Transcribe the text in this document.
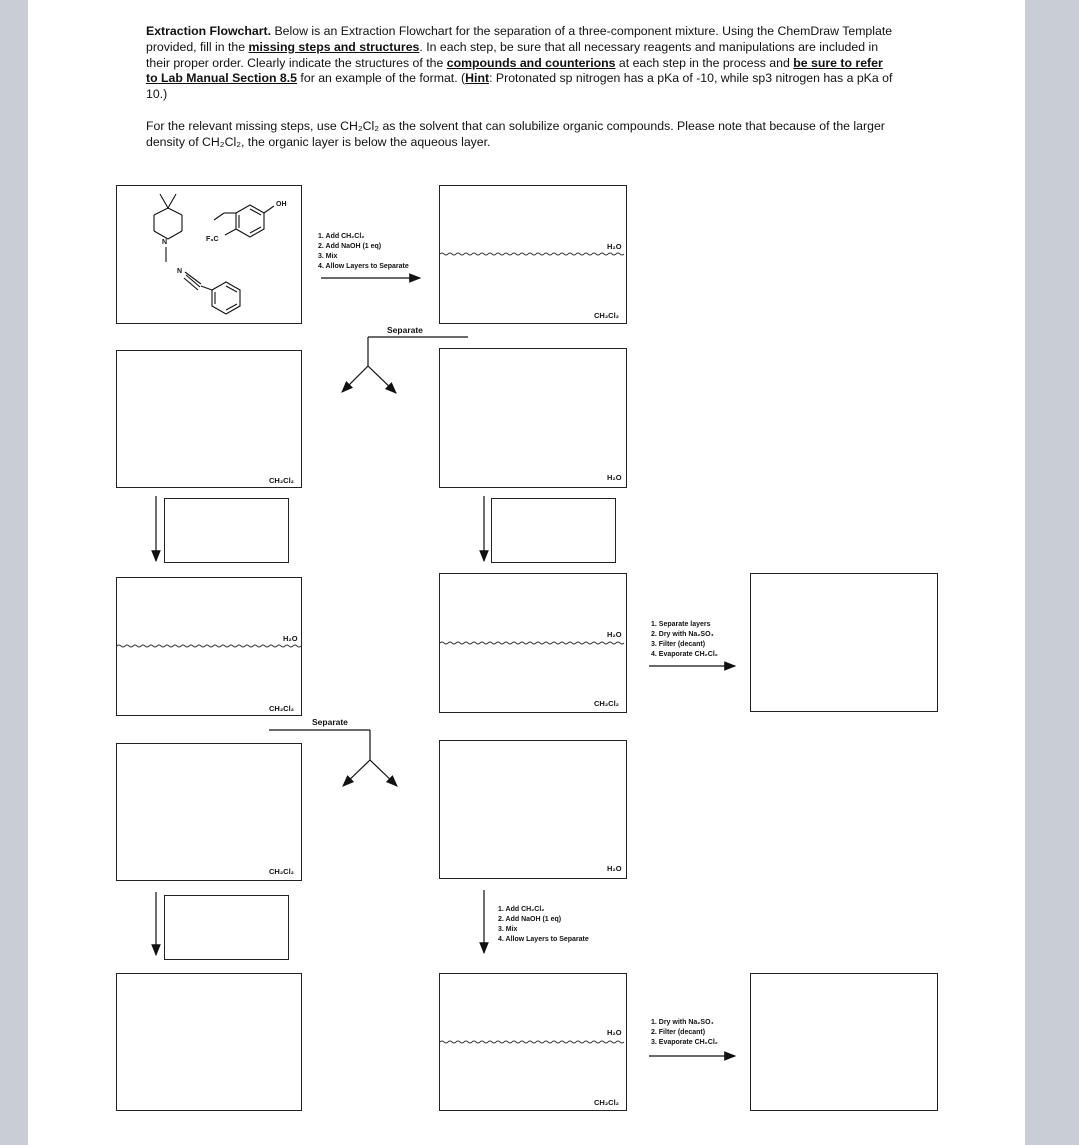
Extraction Flowchart. Below is an Extraction Flowchart for the separation of a three-component mixture. Using the ChemDraw Template provided, fill in the missing steps and structures. In each step, be sure that all necessary reagents and manipulations are included in their proper order. Clearly indicate the structures of the compounds and counterions at each step in the process and be sure to refer to Lab Manual Section 8.5 for an example of the format. (Hint: Protonated sp nitrogen has a pKa of -10, while sp3 nitrogen has a pKa of 10.)
For the relevant missing steps, use CH₂Cl₂ as the solvent that can solubilize organic compounds. Please note that because of the larger density of CH₂Cl₂, the organic layer is below the aqueous layer.
OH
F₃C
N
N
1. Add CH₂Cl₂
2. Add NaOH (1 eq)
3. Mix
4. Allow Layers to Separate
H₂O
CH₂Cl₂
Separate
CH₂Cl₂	H₂O
H₂O
CH₂Cl₂
H₂O
CH₂Cl₂
1. Separate layers
2. Dry with Na₂SO₄
3. Filter (decant)
4. Evaporate CH₂Cl₂
Separate
CH₂Cl₂	H₂O
1. Add CH₂Cl₂
2. Add NaOH (1 eq)
3. Mix
4. Allow Layers to Separate
H₂O
CH₂Cl₂
1. Dry with Na₂SO₄
2. Filter (decant)
3. Evaporate CH₂Cl₂
